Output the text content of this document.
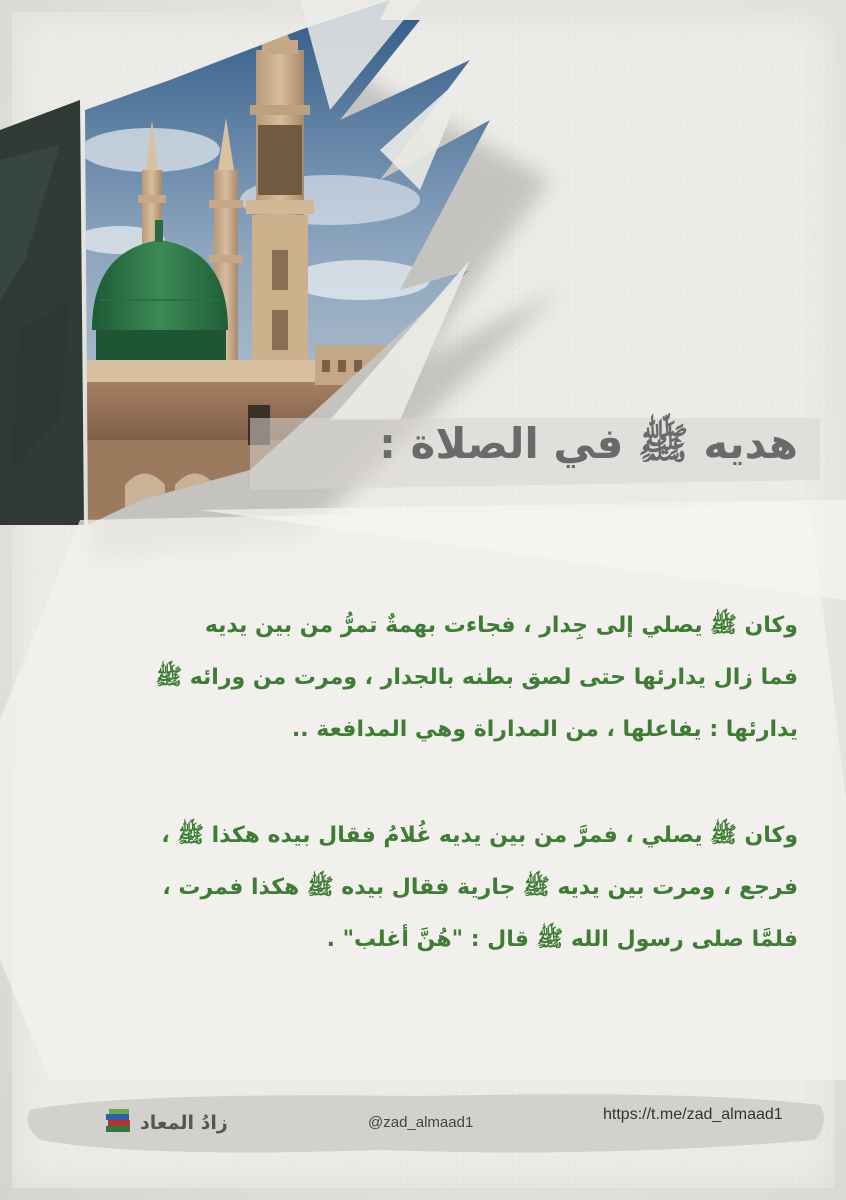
هديه ﷺ في الصلاة :

وكان ﷺ يصلي إلى جِدار ، فجاءت بهمةٌ تمرُّ من بين يديه

فما زال يدارئها حتى لصق بطنه بالجدار ، ومرت من ورائه ﷺ

يدارئها : يفاعلها ، من المداراة وهي المدافعة ..

وكان ﷺ يصلي ، فمرَّ من بين يديه غُلامُ فقال بيده هكذا ﷺ ،

فرجع ، ومرت بين يديه ﷺ جارية فقال بيده ﷺ هكذا فمرت ،

فلمَّا صلى رسول الله ﷺ قال : "هُنَّ أغلب" .

زادُ المعاد	@zad_almaad1	https://t.me/zad_almaad1
